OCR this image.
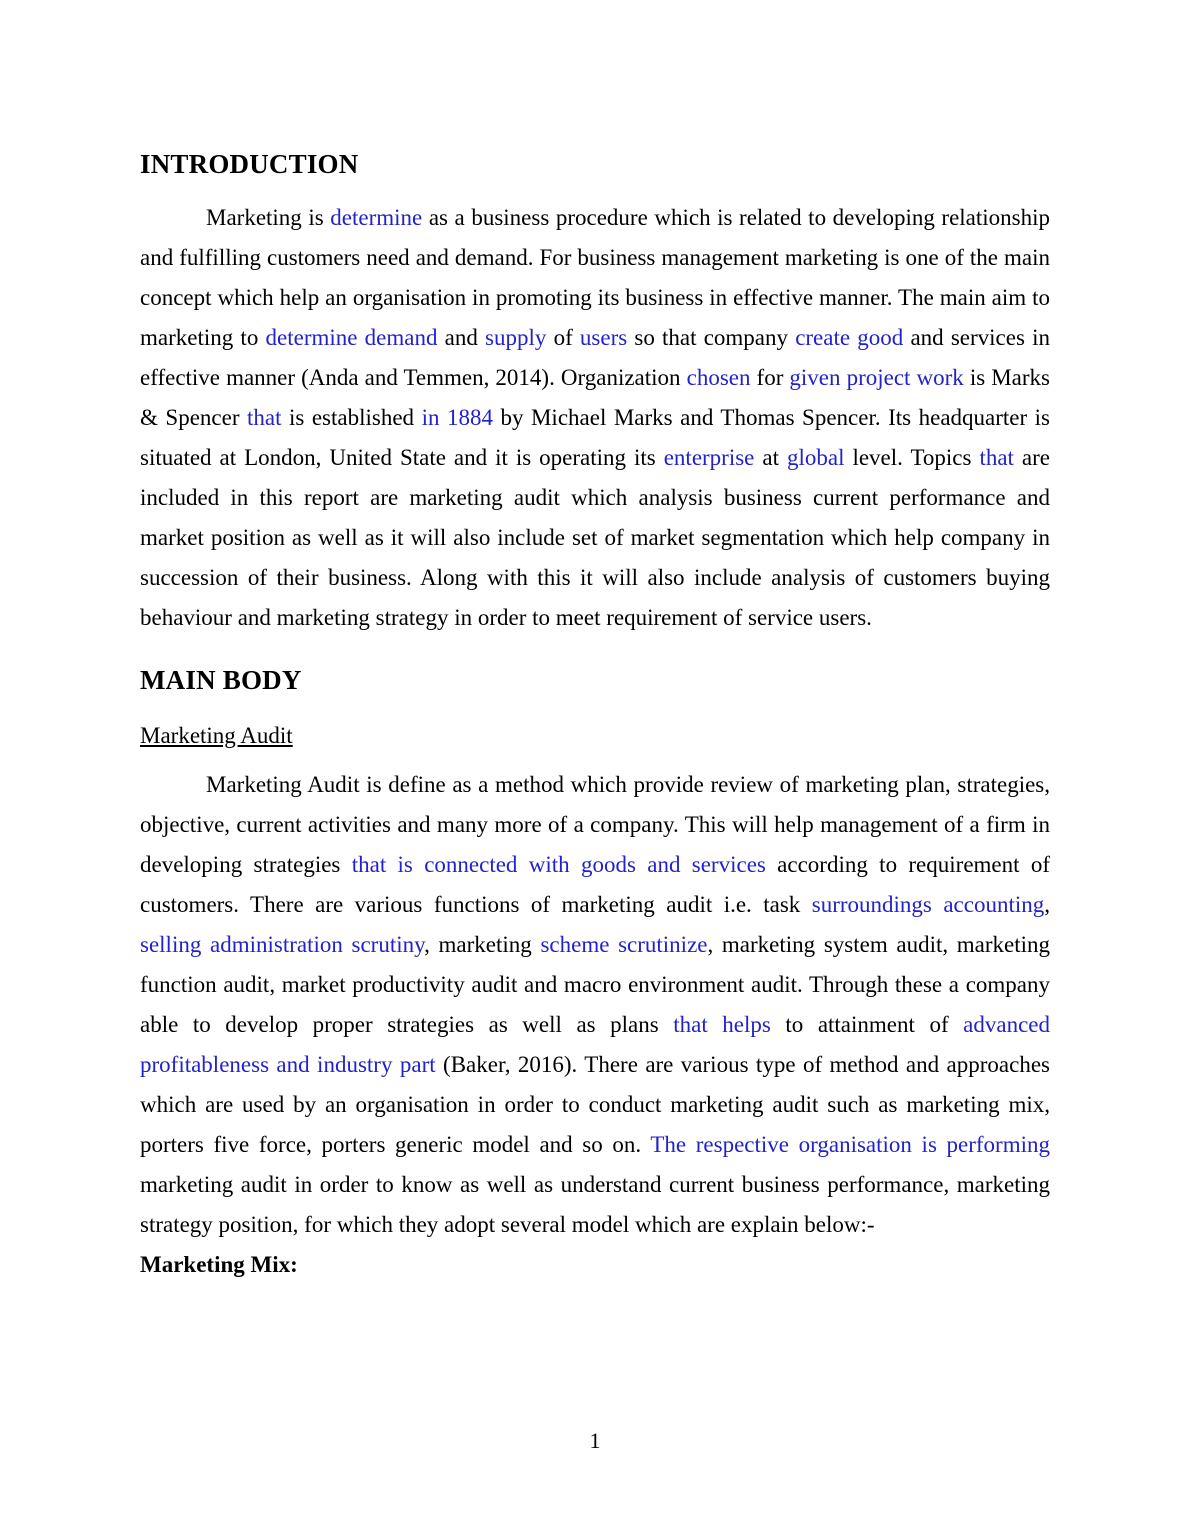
INTRODUCTION

Marketing is determine as a business procedure which is related to developing relationship and fulfilling customers need and demand. For business management marketing is one of the main concept which help an organisation in promoting its business in effective manner. The main aim to marketing to determine demand and supply of users so that company create good and services in effective manner (Anda and Temmen, 2014). Organization chosen for given project work is Marks & Spencer that is established in 1884 by Michael Marks and Thomas Spencer. Its headquarter is situated at London, United State and it is operating its enterprise at global level. Topics that are included in this report are marketing audit which analysis business current performance and market position as well as it will also include set of market segmentation which help company in succession of their business. Along with this it will also include analysis of customers buying behaviour and marketing strategy in order to meet requirement of service users.

MAIN BODY
Marketing Audit

Marketing Audit is define as a method which provide review of marketing plan, strategies, objective, current activities and many more of a company. This will help management of a firm in developing strategies that is connected with goods and services according to requirement of customers. There are various functions of marketing audit i.e. task surroundings accounting, selling administration scrutiny, marketing scheme scrutinize, marketing system audit, marketing function audit, market productivity audit and macro environment audit. Through these a company able to develop proper strategies as well as plans that helps to attainment of advanced profitableness and industry part (Baker, 2016). There are various type of method and approaches which are used by an organisation in order to conduct marketing audit such as marketing mix, porters five force, porters generic model and so on. The respective organisation is performing marketing audit in order to know as well as understand current business performance, marketing strategy position, for which they adopt several model which are explain below:-

Marketing Mix:

1
